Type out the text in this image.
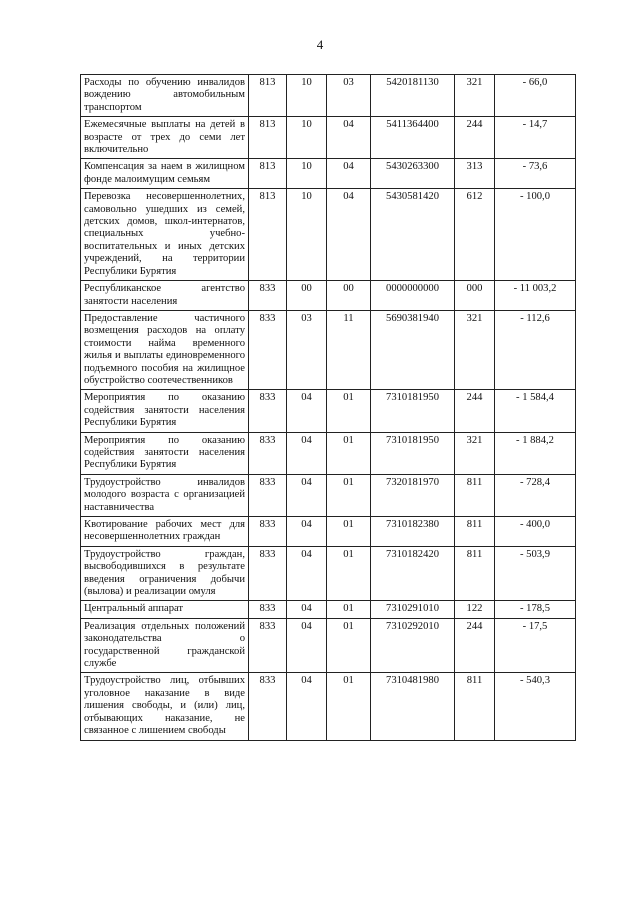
4
Расходы по обучению инвалидов вождению автомобильным транспортом	813	10	03	5420181130	321	- 66,0
Ежемесячные выплаты на детей в возрасте от трех до семи лет включительно	813	10	04	5411364400	244	- 14,7
Компенсация за наем в жилищном фонде малоимущим семьям	813	10	04	5430263300	313	- 73,6
Перевозка несовершеннолетних, самовольно ушедших из семей, детских домов, школ-интернатов, специальных учебно-воспитательных и иных детских учреждений, на территории Республики Бурятия	813	10	04	5430581420	612	- 100,0
Республиканское агентство занятости населения	833	00	00	0000000000	000	- 11 003,2
Предоставление частичного возмещения расходов на оплату стоимости найма временного жилья и выплаты единовременного подъемного пособия на жилищное обустройство соотечественников	833	03	11	5690381940	321	- 112,6
Мероприятия по оказанию содействия занятости населения Республики Бурятия	833	04	01	7310181950	244	- 1 584,4
Мероприятия по оказанию содействия занятости населения Республики Бурятия	833	04	01	7310181950	321	- 1 884,2
Трудоустройство инвалидов молодого возраста с организацией наставничества	833	04	01	7320181970	811	- 728,4
Квотирование рабочих мест для несовершеннолетних граждан	833	04	01	7310182380	811	- 400,0
Трудоустройство граждан, высвободившихся в результате введения ограничения добычи (вылова) и реализации омуля	833	04	01	7310182420	811	- 503,9
Центральный аппарат	833	04	01	7310291010	122	- 178,5
Реализация отдельных положений законодательства о государственной гражданской службе	833	04	01	7310292010	244	- 17,5
Трудоустройство лиц, отбывших уголовное наказание в виде лишения свободы, и (или) лиц, отбывающих наказание, не связанное с лишением свободы	833	04	01	7310481980	811	- 540,3
